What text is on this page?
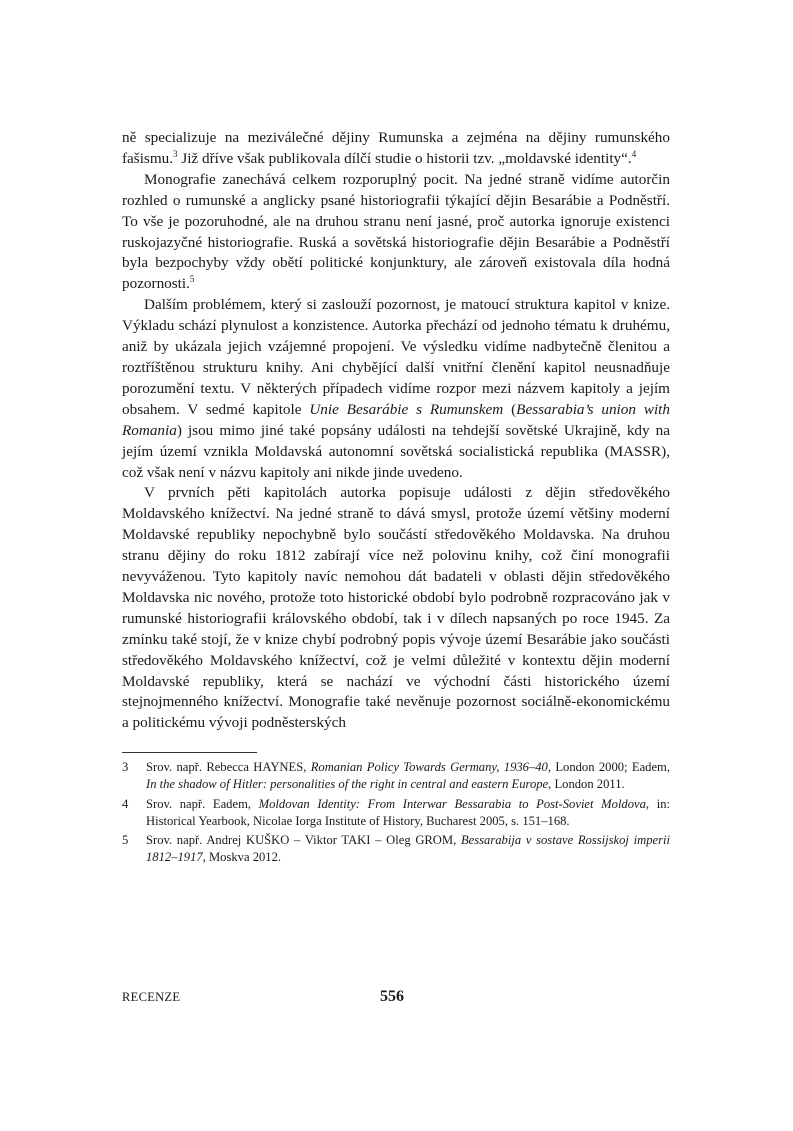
ně specializuje na meziválečné dějiny Rumunska a zejména na dějiny rumunského fašismu.$^3$ Již dříve však publikovala dílčí studie o historii tzv. „moldavské identity“.$^4$

Monografie zanechává celkem rozporuplný pocit. Na jedné straně vidíme autorčin rozhled o rumunské a anglicky psané historiografii týkající dějin Besarábie a Podněstří. To vše je pozoruhodné, ale na druhou stranu není jasné, proč autorka ignoruje existenci ruskojazyčné historiografie. Ruská a sovětská historiografie dějin Besarábie a Podněstří byla bezpochyby vždy obětí politické konjunktury, ale zároveň existovala díla hodná pozornosti.$^5$

Dalším problémem, který si zaslouží pozornost, je matoucí struktura kapitol v knize. Výkladu schází plynulost a konzistence. Autorka přechází od jednoho tématu k druhému, aniž by ukázala jejich vzájemné propojení. Ve výsledku vidíme nadbytečně členitou a roztříštěnou strukturu knihy. Ani chybějící další vnitřní členění kapitol neusnadňuje porozumění textu. V některých případech vidíme rozpor mezi názvem kapitoly a jejím obsahem. V sedmé kapitole Unie Besarábie s Rumunskem (Bessarabia’s union with Romania) jsou mimo jiné také popsány události na tehdejší sovětské Ukrajině, kdy na jejím území vznikla Moldavská autonomní sovětská socialistická republika (MASSR), což však není v názvu kapitoly ani nikde jinde uvedeno.

V prvních pěti kapitolách autorka popisuje události z dějin středověkého Moldavského knížectví. Na jedné straně to dává smysl, protože území většiny moderní Moldavské republiky nepochybně bylo součástí středověkého Moldavska. Na druhou stranu dějiny do roku 1812 zabírají více než polovinu knihy, což činí monografii nevyváženou. Tyto kapitoly navíc nemohou dát badateli v oblasti dějin středověkého Moldavska nic nového, protože toto historické období bylo podrobně rozpracováno jak v rumunské historiografii královského období, tak i v dílech napsaných po roce 1945. Za zmínku také stojí, že v knize chybí podrobný popis vývoje území Besarábie jako součásti středověkého Moldavského knížectví, což je velmi důležité v kontextu dějin moderní Moldavské republiky, která se nachází ve východní části historického území stejnojmenného knížectví. Monografie také nevěnuje pozornost sociálně-ekonomickému a politickému vývoji podněsterských

3	Srov. např. Rebecca HAYNES, Romanian Policy Towards Germany, 1936–40, London 2000; Eadem, In the shadow of Hitler: personalities of the right in central and eastern Europe, London 2011.
4	Srov. např. Eadem, Moldovan Identity: From Interwar Bessarabia to Post-Soviet Moldova, in: Historical Yearbook, Nicolae Iorga Institute of History, Bucharest 2005, s. 151–168.
5	Srov. např. Andrej KUŠKO – Viktor TAKI – Oleg GROM, Bessarabija v sostave Rossijskoj imperii 1812–1917, Moskva 2012.
RECENZE	556
